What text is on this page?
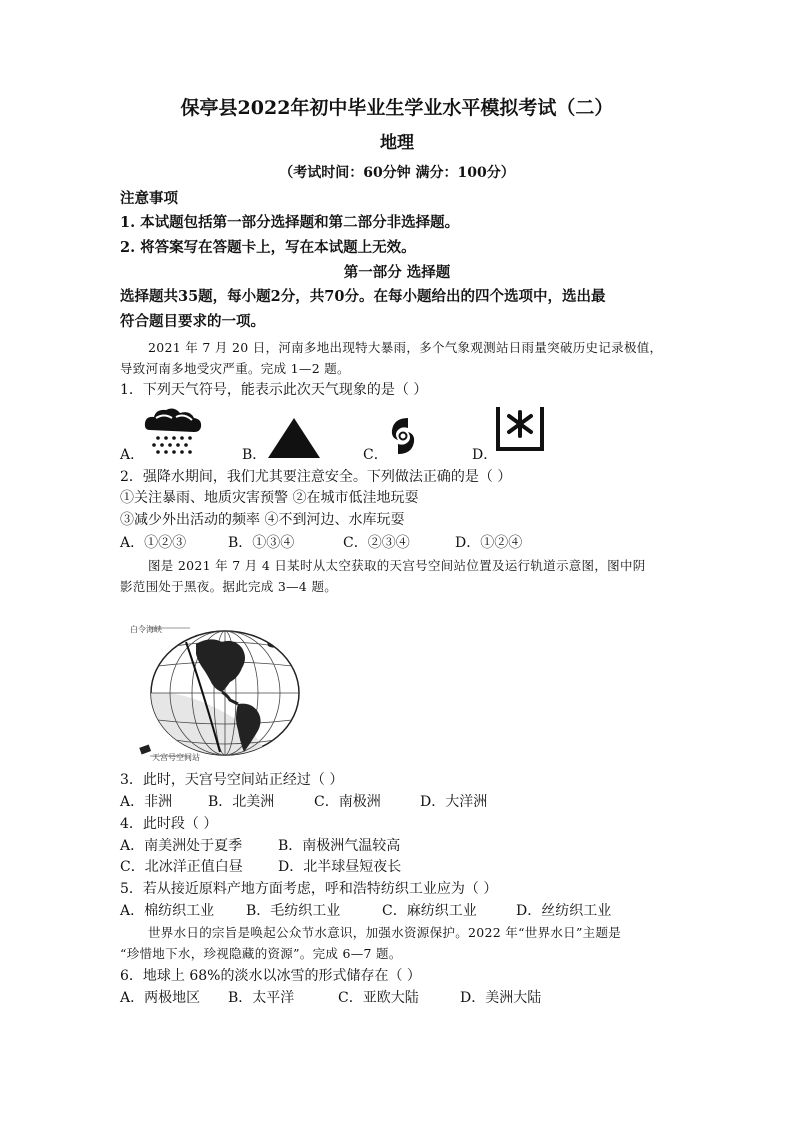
保亭县2022年初中毕业生学业水平模拟考试（二）
地理
（考试时间：60分钟 满分：100分）
注意事项
1. 本试题包括第一部分选择题和第二部分非选择题。
2. 将答案写在答题卡上，写在本试题上无效。
第一部分 选择题
选择题共35题，每小题2分，共70分。在每小题给出的四个选项中，选出最
符合题目要求的一项。
2021 年 7 月 20 日，河南多地出现特大暴雨，多个气象观测站日雨量突破历史记录极值，
导致河南多地受灾严重。完成 1—2 题。
1．下列天气符号，能表示此次天气现象的是（ ）
A．	B．	C．	D．
2．强降水期间，我们尤其要注意安全。下列做法正确的是（ ）
①关注暴雨、地质灾害预警 ②在城市低洼地玩耍
③减少外出活动的频率 ④不到河边、水库玩耍
A．①②③	B．①③④	C．②③④	D．①②④
图是 2021 年 7 月 4 日某时从太空获取的天宫号空间站位置及运行轨道示意图，图中阴
影范围处于黑夜。据此完成 3—4 题。
白令海峡
天宫号空间站
3．此时，天宫号空间站正经过（ ）
A．非洲	B．北美洲	C．南极洲	D．大洋洲
4．此时段（ ）
A．南美洲处于夏季	B．南极洲气温较高
C．北冰洋正值白昼	D．北半球昼短夜长
5．若从接近原料产地方面考虑，呼和浩特纺织工业应为（ ）
A．棉纺织工业 B．毛纺织工业	C．麻纺织工业	D．丝纺织工业
世界水日的宗旨是唤起公众节水意识，加强水资源保护。2022 年“世界水日”主题是
“珍惜地下水，珍视隐藏的资源”。完成 6—7 题。
6．地球上 68%的淡水以冰雪的形式储存在（ ）
A．两极地区 B．太平洋	C．亚欧大陆	D．美洲大陆
